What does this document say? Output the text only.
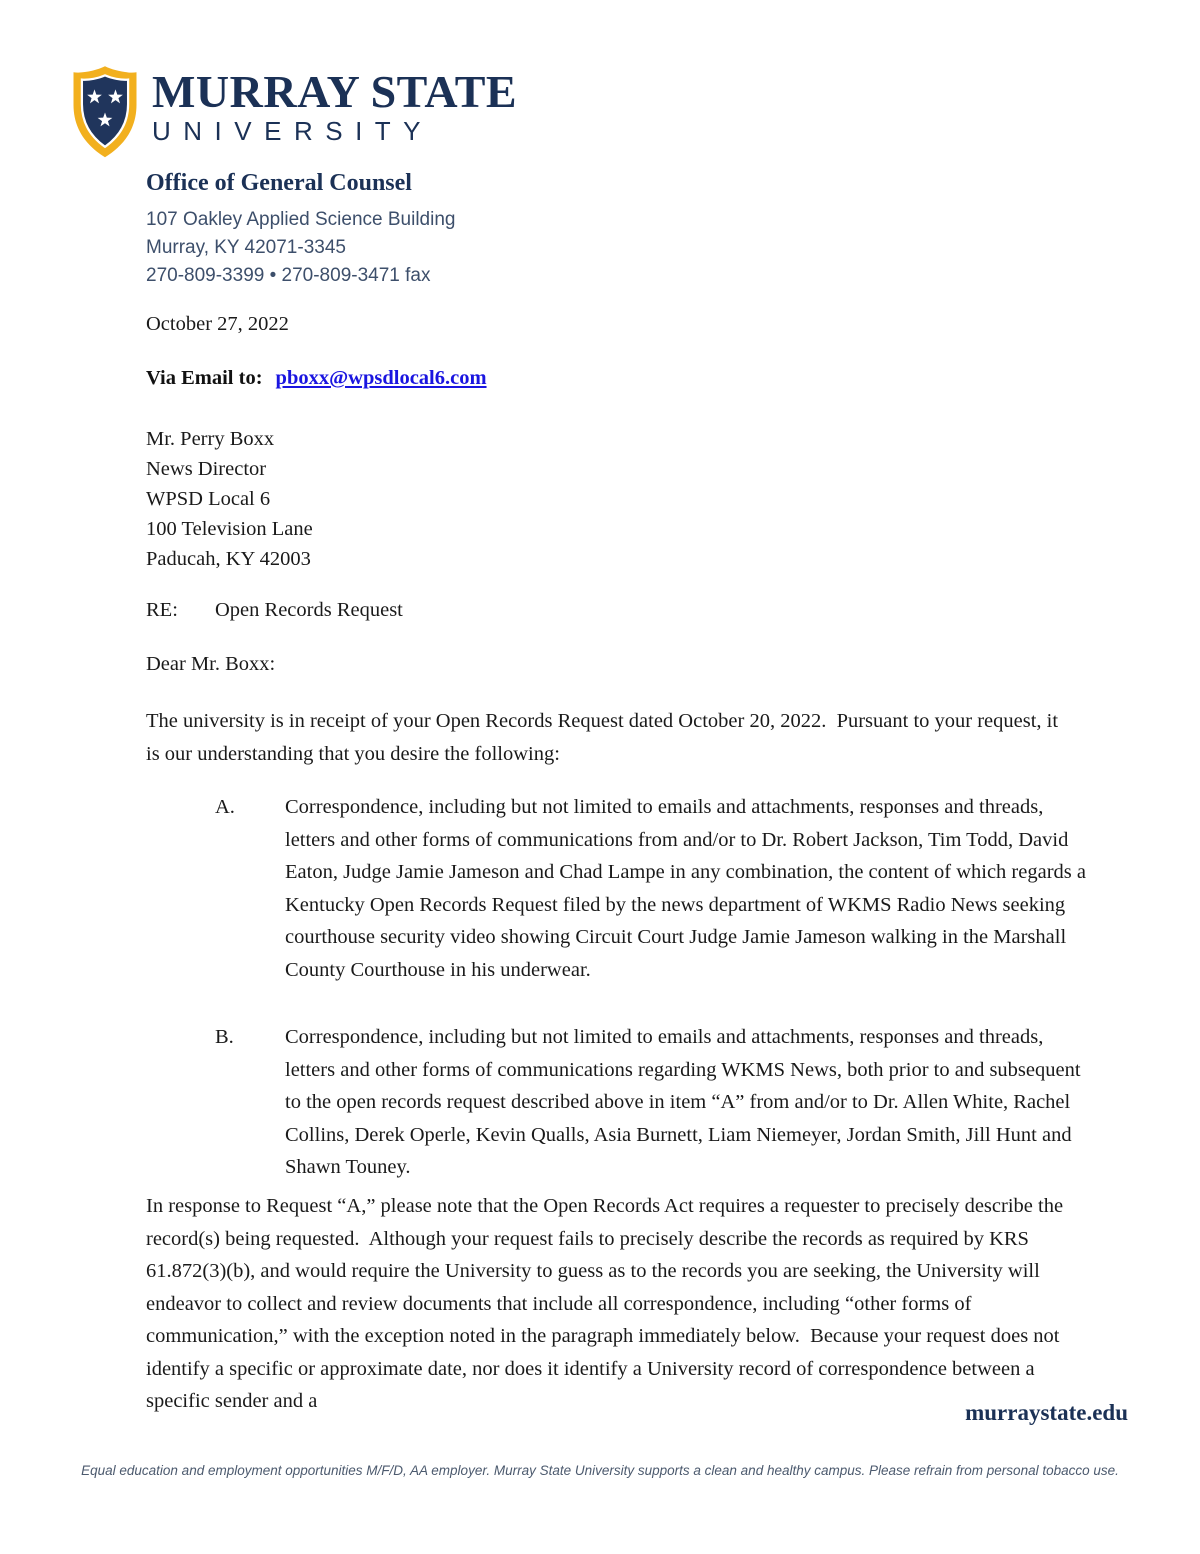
MURRAY STATE
UNIVERSITY
Office of General Counsel
107 Oakley Applied Science Building
Murray, KY 42071-3345
270-809-3399 • 270-809-3471 fax
October 27, 2022
Via Email to: pboxx@wpsdlocal6.com
Mr. Perry Boxx
News Director
WPSD Local 6
100 Television Lane
Paducah, KY 42003
RE: Open Records Request
Dear Mr. Boxx:
The university is in receipt of your Open Records Request dated October 20, 2022.  Pursuant to your request, it is our understanding that you desire the following:
A.	Correspondence, including but not limited to emails and attachments, responses and threads, letters and other forms of communications from and/or to Dr. Robert Jackson, Tim Todd, David Eaton, Judge Jamie Jameson and Chad Lampe in any combination, the content of which regards a Kentucky Open Records Request filed by the news department of WKMS Radio News seeking courthouse security video showing Circuit Court Judge Jamie Jameson walking in the Marshall County Courthouse in his underwear.
B.	Correspondence, including but not limited to emails and attachments, responses and threads, letters and other forms of communications regarding WKMS News, both prior to and subsequent to the open records request described above in item “A” from and/or to Dr. Allen White, Rachel Collins, Derek Operle, Kevin Qualls, Asia Burnett, Liam Niemeyer, Jordan Smith, Jill Hunt and Shawn Touney.
In response to Request “A,” please note that the Open Records Act requires a requester to precisely describe the record(s) being requested.  Although your request fails to precisely describe the records as required by KRS 61.872(3)(b), and would require the University to guess as to the records you are seeking, the University will endeavor to collect and review documents that include all correspondence, including “other forms of communication,” with the exception noted in the paragraph immediately below.  Because your request does not identify a specific or approximate date, nor does it identify a University record of correspondence between a specific sender and a	murraystate.edu
Equal education and employment opportunities M/F/D, AA employer. Murray State University supports a clean and healthy campus. Please refrain from personal tobacco use.
